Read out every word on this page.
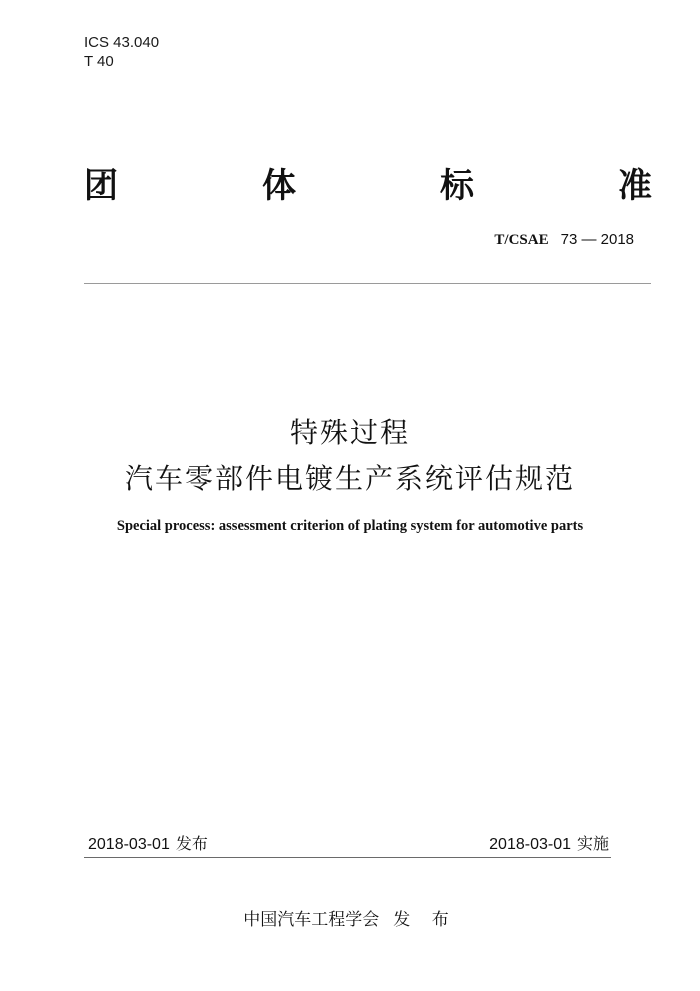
ICS 43.040
T 40
团	体	标	准
T/CSAE 73 — 2018
特殊过程
汽车零部件电镀生产系统评估规范
Special process: assessment criterion of plating system for automotive parts
2018-03-01 发布	2018-03-01 实施
中国汽车工程学会 发 布
